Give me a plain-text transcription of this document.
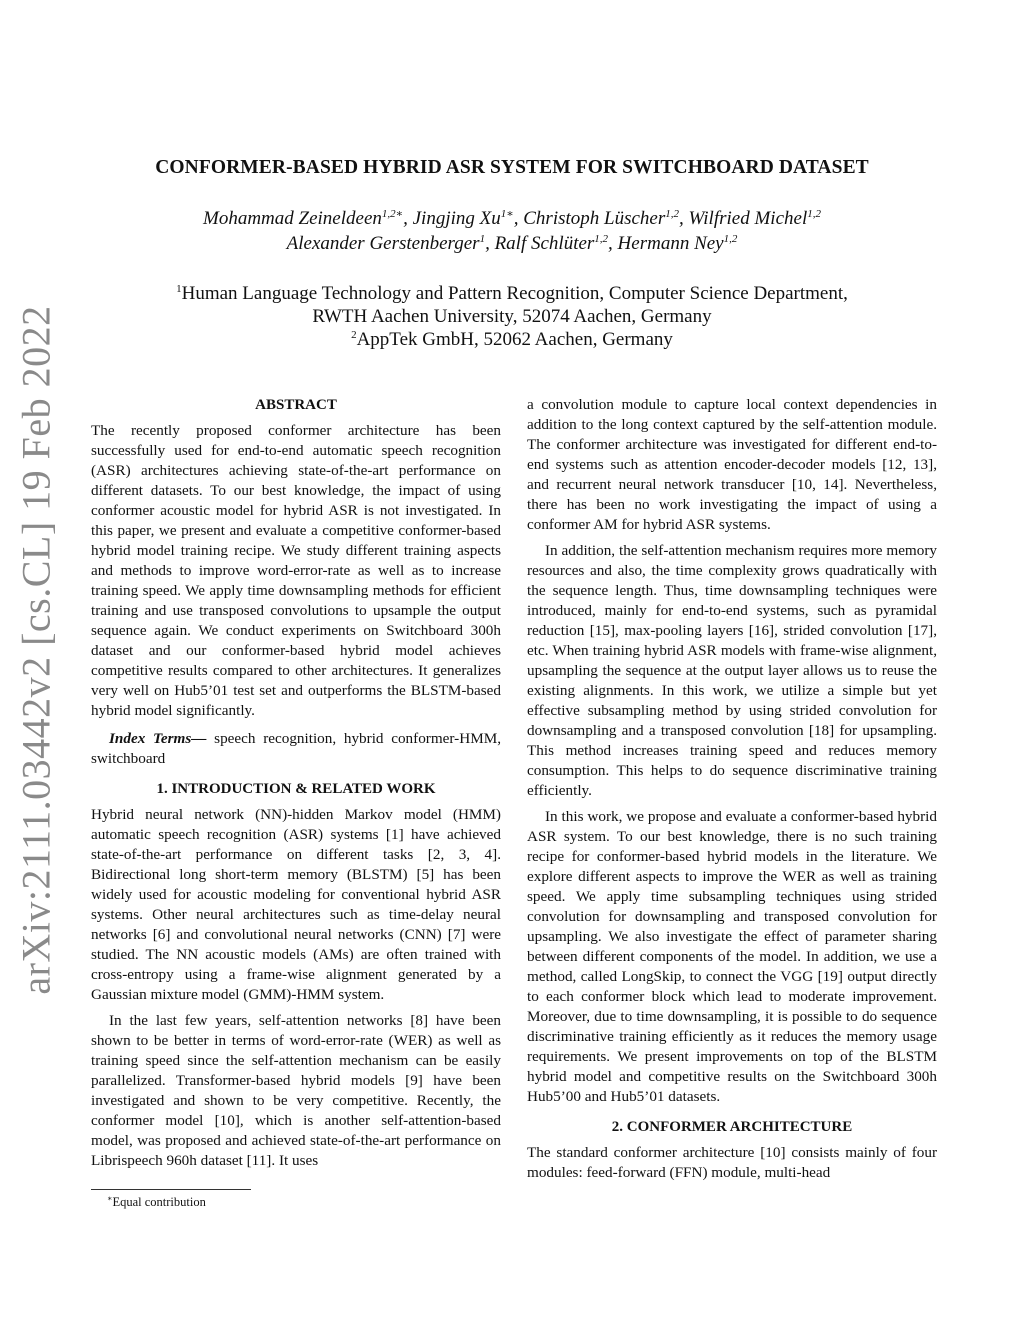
arXiv:2111.03442v2 [cs.CL] 19 Feb 2022
CONFORMER-BASED HYBRID ASR SYSTEM FOR SWITCHBOARD DATASET
Mohammad Zeineldeen$^{1,2∗}$, Jingjing $Xu^{1∗}$, Christoph Lüscher$^{1,2}$, Wilfried Michel$^{1,2}$
Alexander Gerstenberger$^1$, Ralf Schlüter$^{1,2}$, Hermann Ney$^{1,2}$
$^1$Human Language Technology and Pattern Recognition, Computer Science Department,
RWTH Aachen University, 52074 Aachen, Germany
$^2$AppTek GmbH, 52062 Aachen, Germany
ABSTRACT

The recently proposed conformer architecture has been successfully used for end-to-end automatic speech recognition (ASR) architectures achieving state-of-the-art performance on different datasets. To our best knowledge, the impact of using conformer acoustic model for hybrid ASR is not investigated. In this paper, we present and evaluate a competitive conformer-based hybrid model training recipe. We study different training aspects and methods to improve word-error-rate as well as to increase training speed. We apply time downsampling methods for efficient training and use transposed convolutions to upsample the output sequence again. We conduct experiments on Switchboard 300h dataset and our conformer-based hybrid model achieves competitive results compared to other architectures. It generalizes very well on Hub5’01 test set and outperforms the BLSTM-based hybrid model significantly.

Index Terms— speech recognition, hybrid conformer-HMM, switchboard

1. INTRODUCTION & RELATED WORK

Hybrid neural network (NN)-hidden Markov model (HMM) automatic speech recognition (ASR) systems [1] have achieved state-of-the-art performance on different tasks [2, 3, 4]. Bidirectional long short-term memory (BLSTM) [5] has been widely used for acoustic modeling for conventional hybrid ASR systems. Other neural architectures such as time-delay neural networks [6] and convolutional neural networks (CNN) [7] were studied. The NN acoustic models (AMs) are often trained with cross-entropy using a frame-wise alignment generated by a Gaussian mixture model (GMM)-HMM system.

In the last few years, self-attention networks [8] have been shown to be better in terms of word-error-rate (WER) as well as training speed since the self-attention mechanism can be easily parallelized. Transformer-based hybrid models [9] have been investigated and shown to be very competitive. Recently, the conformer model [10], which is another self-attention-based model, was proposed and achieved state-of-the-art performance on Librispeech 960h dataset [11]. It uses

∗Equal contribution

a convolution module to capture local context dependencies in addition to the long context captured by the self-attention module. The conformer architecture was investigated for different end-to-end systems such as attention encoder-decoder models [12, 13], and recurrent neural network transducer [10, 14]. Nevertheless, there has been no work investigating the impact of using a conformer AM for hybrid ASR systems.

In addition, the self-attention mechanism requires more memory resources and also, the time complexity grows quadratically with the sequence length. Thus, time downsampling techniques were introduced, mainly for end-to-end systems, such as pyramidal reduction [15], max-pooling layers [16], strided convolution [17], etc. When training hybrid ASR models with frame-wise alignment, upsampling the sequence at the output layer allows us to reuse the existing alignments. In this work, we utilize a simple but yet effective subsampling method by using strided convolution for downsampling and a transposed convolution [18] for upsampling. This method increases training speed and reduces memory consumption. This helps to do sequence discriminative training efficiently.

In this work, we propose and evaluate a conformer-based hybrid ASR system. To our best knowledge, there is no such training recipe for conformer-based hybrid models in the literature. We explore different aspects to improve the WER as well as training speed. We apply time subsampling techniques using strided convolution for downsampling and transposed convolution for upsampling. We also investigate the effect of parameter sharing between different components of the model. In addition, we use a method, called LongSkip, to connect the VGG [19] output directly to each conformer block which lead to moderate improvement. Moreover, due to time downsampling, it is possible to do sequence discriminative training efficiently as it reduces the memory usage requirements. We present improvements on top of the BLSTM hybrid model and competitive results on the Switchboard 300h Hub5’00 and Hub5’01 datasets.

2. CONFORMER ARCHITECTURE

The standard conformer architecture [10] consists mainly of four modules: feed-forward (FFN) module, multi-head
